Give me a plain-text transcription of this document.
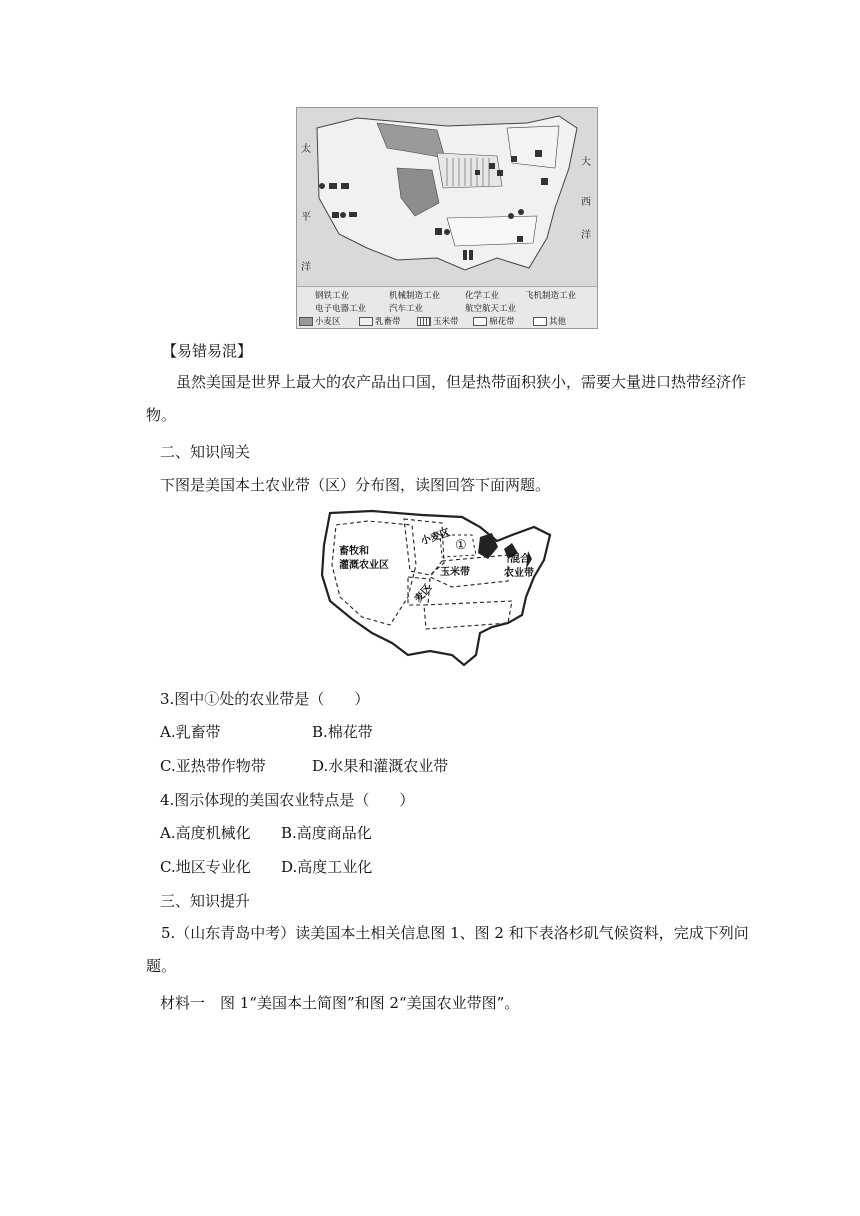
太
平
洋
大
西
洋
钢铁工业	机械制造工业	化学工业	飞机制造工业
电子电器工业	汽车工业	航空航天工业
小麦区	乳畜带	玉米带	棉花带	其他
【易错易混】
虽然美国是世界上最大的农产品出口国，但是热带面积狭小，需要大量进口热带经济作物。
二、知识闯关
下图是美国本土农业带（区）分布图，读图回答下面两题。
畜牧和
灌溉农业区
小麦区 ①
玉米带
混合
农业带
麦区
3.图中①处的农业带是（　　）
A.乳畜带	B.棉花带
C.亚热带作物带	D.水果和灌溉农业带
4.图示体现的美国农业特点是（　　）
A.高度机械化 B.高度商品化
C.地区专业化 D.高度工业化
三、知识提升
5.（山东青岛中考）读美国本土相关信息图 1、图 2 和下表洛杉矶气候资料，完成下列问题。
材料一　图 1“美国本土简图”和图 2“美国农业带图”。
